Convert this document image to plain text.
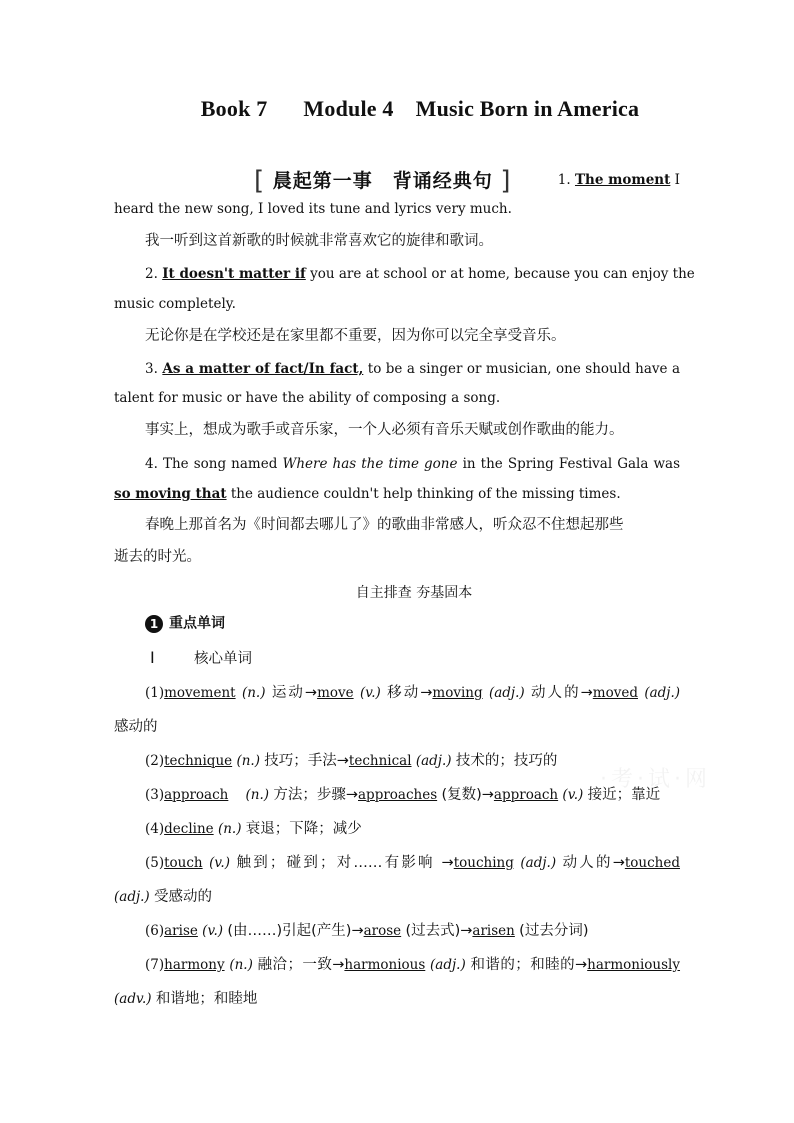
Book 7 Module 4 Music Born in America
[ 晨起第一事　背诵经典句 ]	1. The moment I
heard the new song, I loved its tune and lyrics very much.
我一听到这首新歌的时候就非常喜欢它的旋律和歌词。
2. It doesn't matter if you are at school or at home, because you can enjoy the
music completely.
无论你是在学校还是在家里都不重要，因为你可以完全享受音乐。
3. As a matter of fact/In fact, to be a singer or musician, one should have a
talent for music or have the ability of composing a song.
事实上，想成为歌手或音乐家，一个人必须有音乐天赋或创作歌曲的能力。
4. The song named Where has the time gone in the Spring Festival Gala was
so moving that the audience couldn't help thinking of the missing times.
春晚上那首名为《时间都去哪儿了》的歌曲非常感人，听众忍不住想起那些
逝去的时光。
自主排查 夯基固本
1 重点单词
Ⅰ	核心单词
(1)movement (n.) 运动→move (v.) 移动→moving (adj.) 动人的→moved (adj.)
感动的
(2)technique (n.) 技巧；手法→technical (adj.) 技术的；技巧的
(3)approach (n.) 方法；步骤→approaches (复数)→approach (v.) 接近；靠近
(4)decline (n.) 衰退；下降；减少
(5)touch (v.) 触到；碰到；对……有影响 →touching (adj.) 动人的→touched
(adj.) 受感动的
(6)arise (v.) (由……)引起(产生)→arose (过去式)→arisen (过去分词)
(7)harmony (n.) 融洽；一致→harmonious (adj.) 和谐的；和睦的→harmoniously
(adv.) 和谐地；和睦地
·考·试·网
